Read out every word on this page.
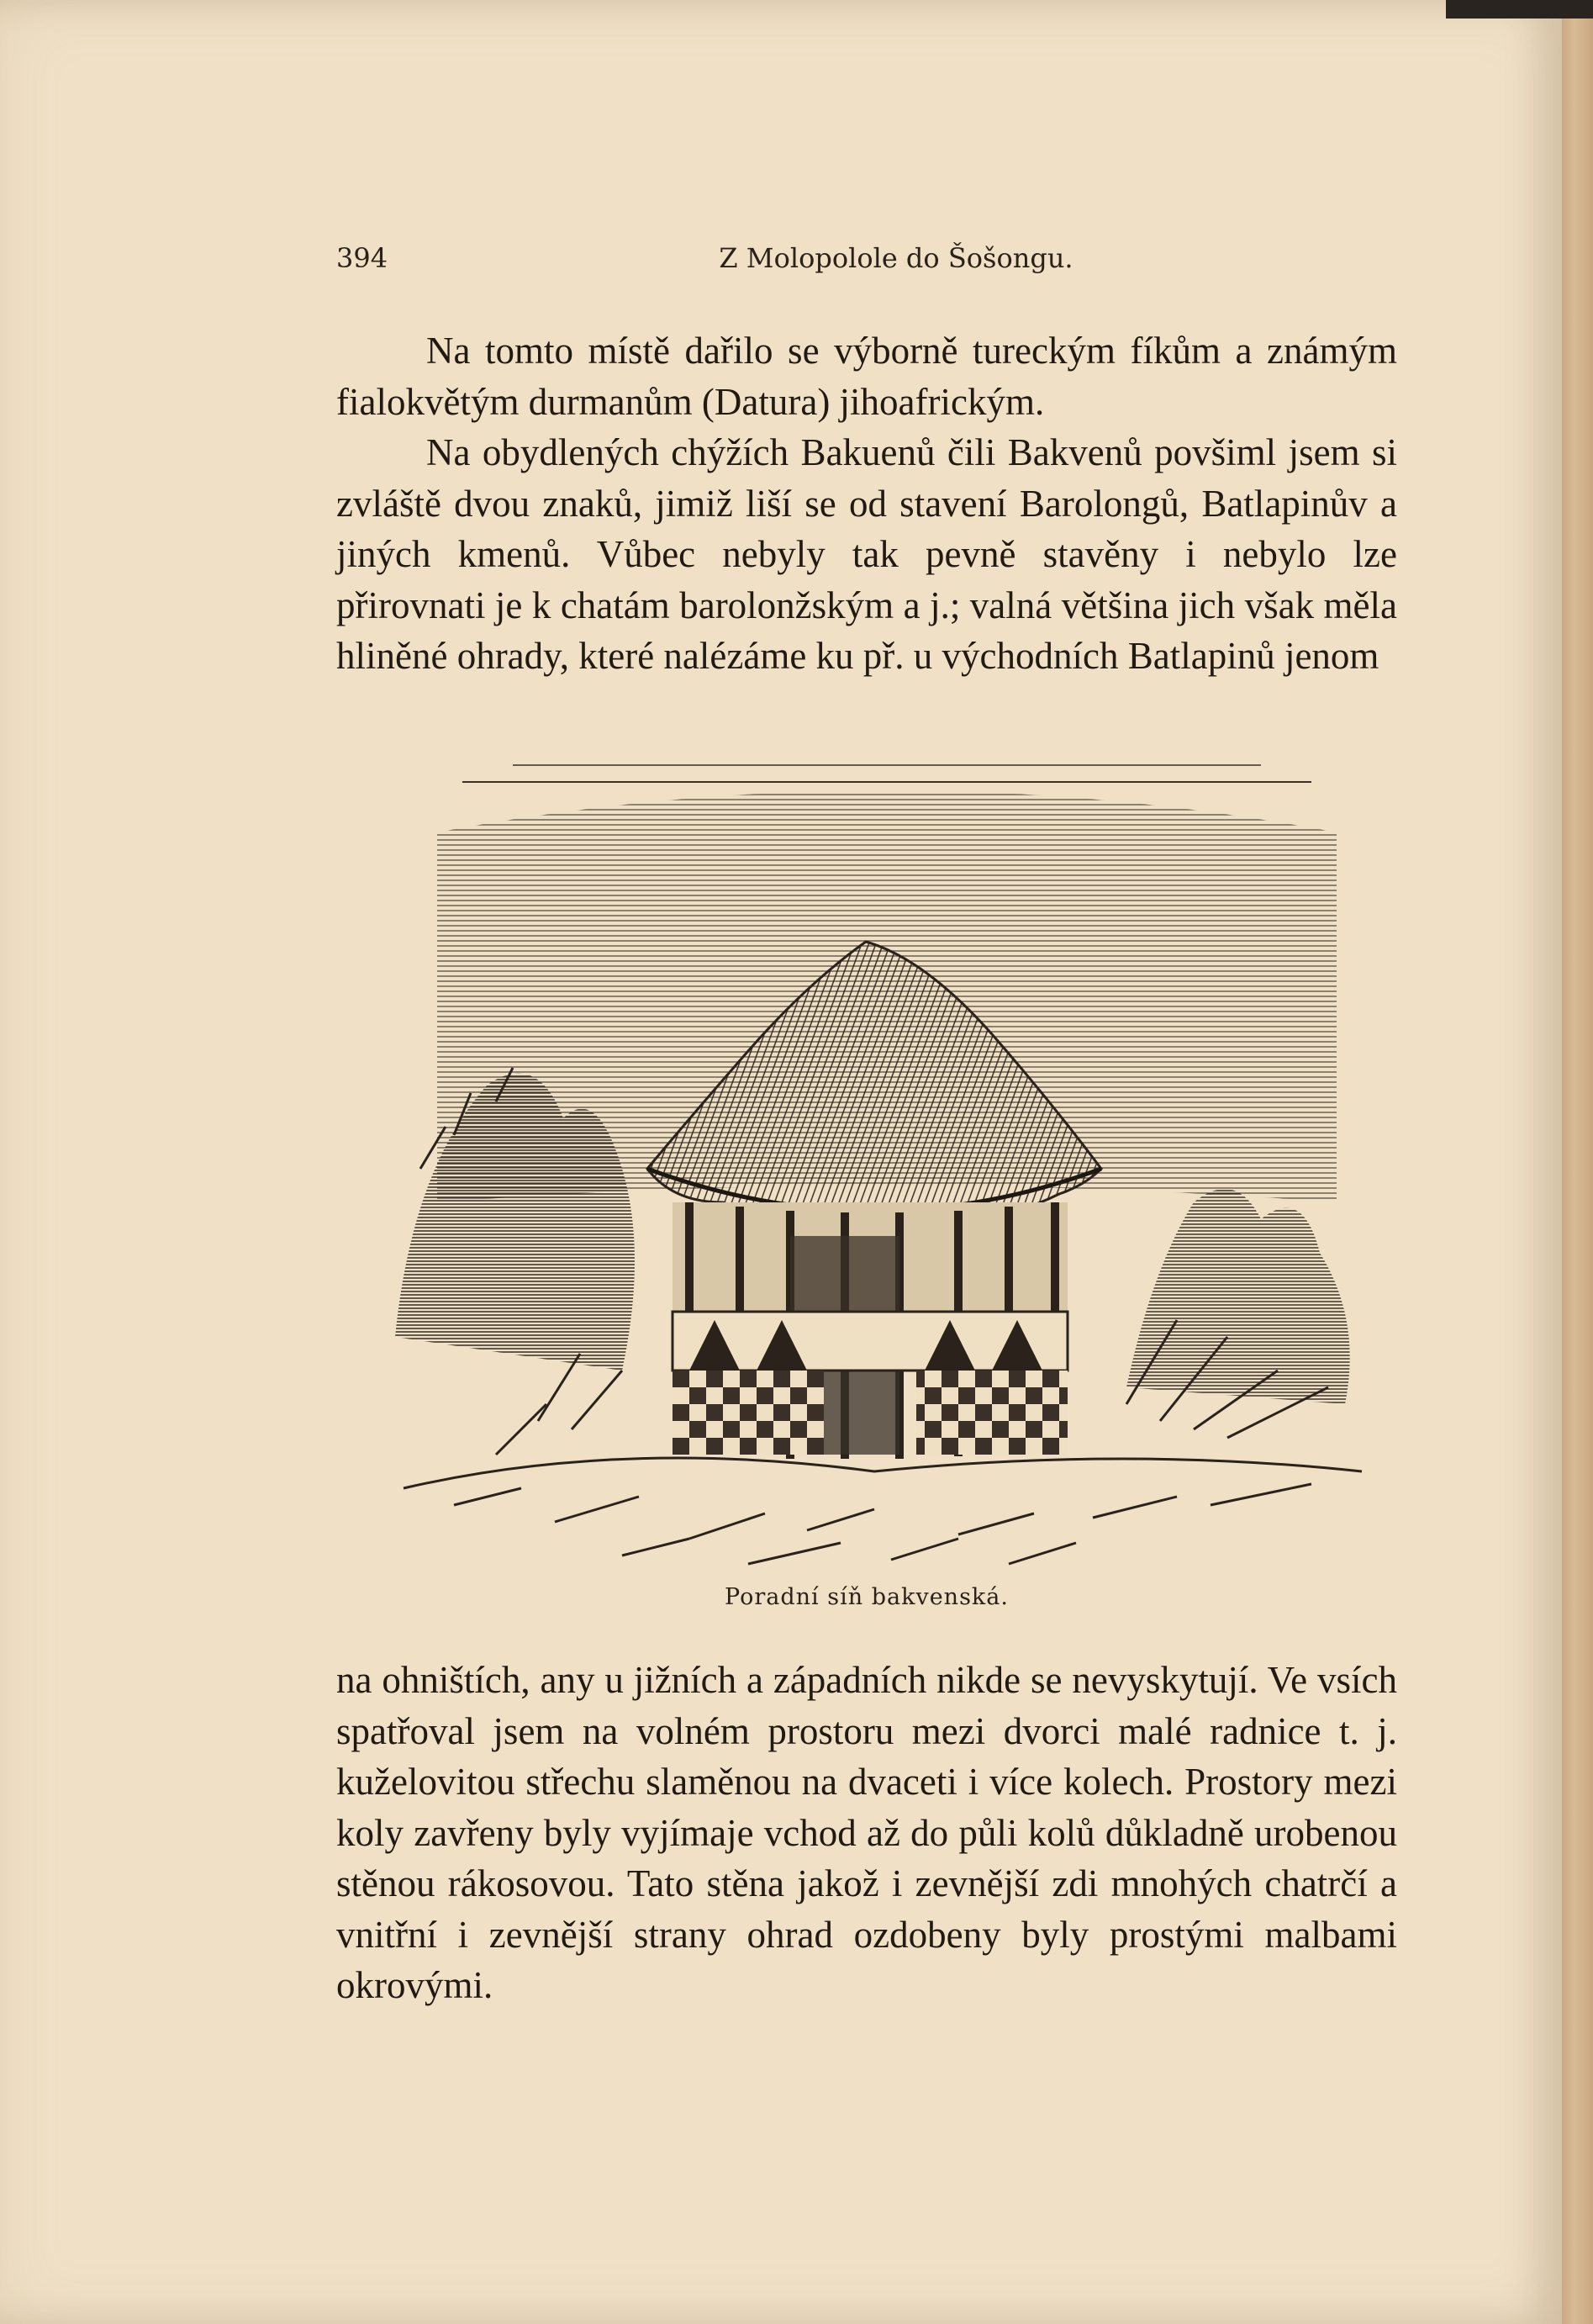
394	Z Molopolole do Šošongu.

Na tomto místě dařilo se výborně tureckým fíkům a známým fialokvětým durmanům (Datura) jihoafrickým.

Na obydlených chýžích Bakuenů čili Bakvenů povšiml jsem si zvláště dvou znaků, jimiž liší se od stavení Barolongů, Batlapinův a jiných kmenů. Vůbec nebyly tak pevně stavěny i nebylo lze přirovnati je k chatám barolonžským a j.; valná většina jich však měla hliněné ohrady, které nalézáme ku př. u východních Batlapinů jenom

Poradní síň bakvenská.

na ohništích, any u jižních a západních nikde se nevyskytují. Ve vsích spatřoval jsem na volném prostoru mezi dvorci malé radnice t. j. kuželovitou střechu slaměnou na dvaceti i více kolech. Prostory mezi koly zavřeny byly vyjímaje vchod až do půli kolů důkladně urobenou stěnou rákosovou. Tato stěna jakož i zevnější zdi mnohých chatrčí a vnitřní i zevnější strany ohrad ozdobeny byly prostými malbami okrovými.
